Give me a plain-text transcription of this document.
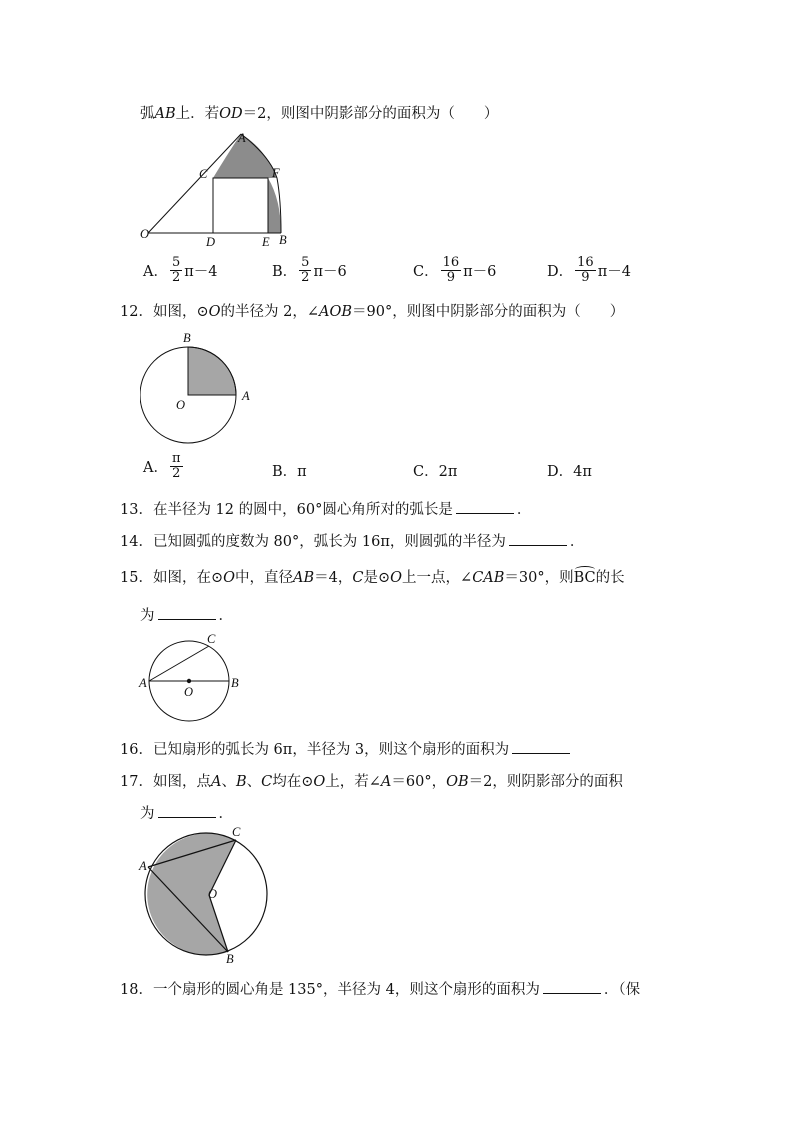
弧AB上．若OD＝2，则图中阴影部分的面积为（　　）
A
C	F
O
D	E B
A． $\frac{5}{2} \pi-4$	B． $\frac{5}{2} \pi-6$	C． $\frac{16}{9} \pi-6$	D． $\frac{16}{9} \pi-4$
12．如图，⊙O的半径为 2，∠AOB＝90°，则图中阴影部分的面积为（　　）
B
O
A
A． $\frac{\pi}{2}$	B．π	C．2π	D．4π
13．在半径为 12 的圆中，60°圆心角所对的弧长是	．
14．已知圆弧的度数为 80°，弧长为 16π，则圆弧的半径为	．
15．如图，在⊙O中，直径AB＝4，C是⊙O上一点，∠CAB＝30°，则BC的长
为	．
C
A
O
B
16．已知扇形的弧长为 6π，半径为 3，则这个扇形的面积为
17．如图，点A、B、C均在⊙O上，若∠A＝60°，OB＝2，则阴影部分的面积
为	．
C
A
O
B
18．一个扇形的圆心角是 135°，半径为 4，则这个扇形的面积为	．（保
